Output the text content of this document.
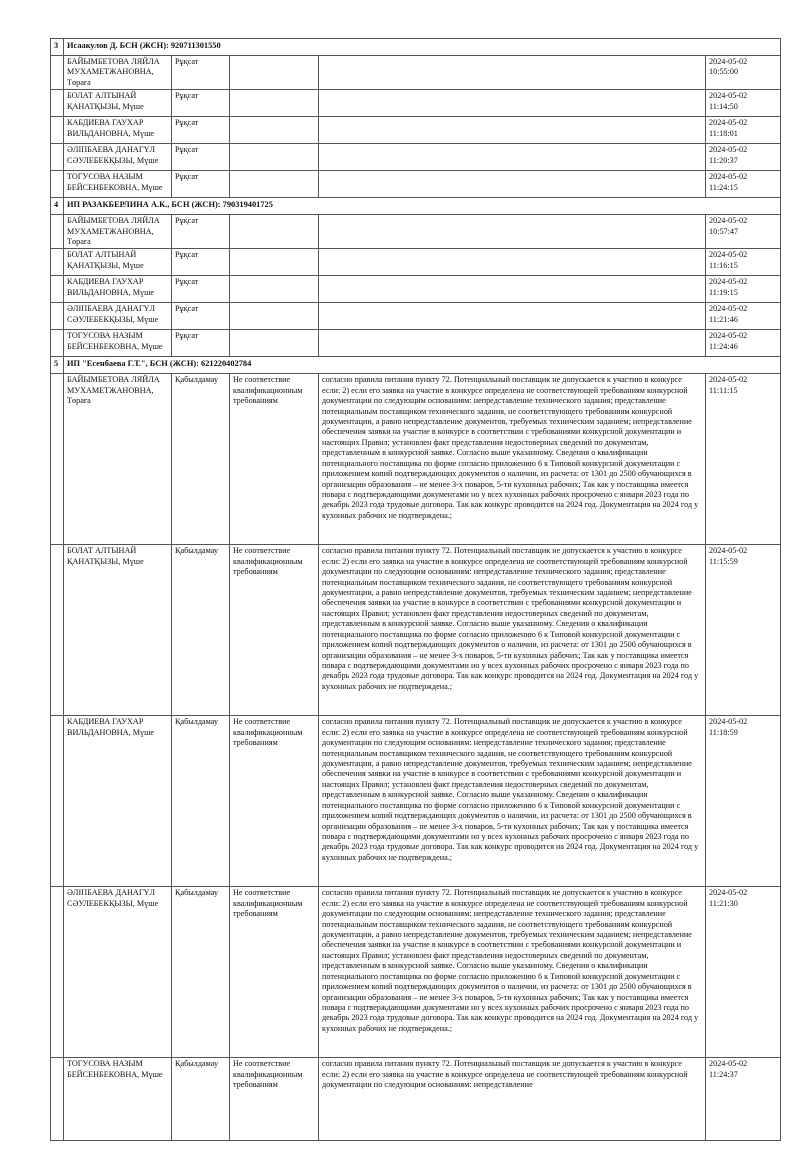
3	Исаакулов Д. БСН (ЖСН): 920711301550				
	БАЙЫМБЕТОВА ЛЯЙЛА МУХАМЕТЖАНОВНА, Төраға	Рұқсат			2024-05-02
10:55:00
	БОЛАТ АЛТЫНАЙ ҚАНАТҚЫЗЫ, Мүше	Рұқсат			2024-05-02
11:14:50
	КАБДИЕВА ГАУХАР ВИЛЬДАНОВНА, Мүше	Рұқсат			2024-05-02
11:18:01
	ӘЛІПБАЕВА ДАНАГҮЛ СӘУЛЕБЕКҚЫЗЫ, Мүше	Рұқсат			2024-05-02
11:20:37
	ТОГУСОВА НАЗЫМ БЕЙСЕНБЕКОВНА, Мүше	Рұқсат			2024-05-02
11:24:15
4	ИП РАЗАКБЕРЛИНА А.К., БСН (ЖСН): 790319401725				
	БАЙЫМБЕТОВА ЛЯЙЛА МУХАМЕТЖАНОВНА, Төраға	Рұқсат			2024-05-02
10:57:47
	БОЛАТ АЛТЫНАЙ ҚАНАТҚЫЗЫ, Мүше	Рұқсат			2024-05-02
11:16:15
	КАБДИЕВА ГАУХАР ВИЛЬДАНОВНА, Мүше	Рұқсат			2024-05-02
11:19:15
	ӘЛІПБАЕВА ДАНАГҮЛ СӘУЛЕБЕКҚЫЗЫ, Мүше	Рұқсат			2024-05-02
11:21:46
	ТОГУСОВА НАЗЫМ БЕЙСЕНБЕКОВНА, Мүше	Рұқсат			2024-05-02
11:24:46
5	ИП "Есенбаева Г.Т.", БСН (ЖСН): 621220402784				
	БАЙЫМБЕТОВА ЛЯЙЛА МУХАМЕТЖАНОВНА, Төраға	Қабылдамау	Не соответствие квалификационным требованиям	согласно правила питания пункту 72. Потенциальный поставщик не допускается к участию в конкурсе если: 2) если его заявка на участие в конкурсе определена не соответствующей требованиям конкурсной документации по следующим основаниям: непредставление технического задания; представление потенциальным поставщиком технического задания, не соответствующего требованиям конкурсной документации, а равно непредставление документов, требуемых техническим заданием; непредставление обеспечения заявки на участие в конкурсе в соответствии с требованиями конкурсной документации и настоящих Правил; установлен факт представления недостоверных сведений по документам, представленным в конкурсной заявке. Согласно выше указанному. Сведения о квалификации потенциального поставщика по форме согласно приложению 6 к Типовой конкурсной документации с приложением копий подтверждающих документов о наличии, из расчета: от 1301 до 2500 обучающихся в организации образования – не менее 3-х поваров, 5-ти кухонных рабочих; Так как у поставщика имеется повара с подтверждающими документами но у всех кухонных рабочих просрочено с января 2023 года по декабрь 2023 года трудовые договора. Так как конкурс проводится на 2024 год. Документация на 2024 год у кухонных рабочих не подтверждена.;	2024-05-02
11:11:15
	БОЛАТ АЛТЫНАЙ ҚАНАТҚЫЗЫ, Мүше	Қабылдамау	Не соответствие квалификационным требованиям	согласно правила питания пункту 72. Потенциальный поставщик не допускается к участию в конкурсе если: 2) если его заявка на участие в конкурсе определена не соответствующей требованиям конкурсной документации по следующим основаниям: непредставление технического задания; представление потенциальным поставщиком технического задания, не соответствующего требованиям конкурсной документации, а равно непредставление документов, требуемых техническим заданием; непредставление обеспечения заявки на участие в конкурсе в соответствии с требованиями конкурсной документации и настоящих Правил; установлен факт представления недостоверных сведений по документам, представленным в конкурсной заявке. Согласно выше указанному. Сведения о квалификации потенциального поставщика по форме согласно приложению 6 к Типовой конкурсной документации с приложением копий подтверждающих документов о наличии, из расчета: от 1301 до 2500 обучающихся в организации образования – не менее 3-х поваров, 5-ти кухонных рабочих; Так как у поставщика имеется повара с подтверждающими документами но у всех кухонных рабочих просрочено с января 2023 года по декабрь 2023 года трудовые договора. Так как конкурс проводится на 2024 год. Документация на 2024 год у кухонных рабочих не подтверждена.;	2024-05-02
11:15:59
	КАБДИЕВА ГАУХАР ВИЛЬДАНОВНА, Мүше	Қабылдамау	Не соответствие квалификационным требованиям	согласно правила питания пункту 72. Потенциальный поставщик не допускается к участию в конкурсе если: 2) если его заявка на участие в конкурсе определена не соответствующей требованиям конкурсной документации по следующим основаниям: непредставление технического задания; представление потенциальным поставщиком технического задания, не соответствующего требованиям конкурсной документации, а равно непредставление документов, требуемых техническим заданием; непредставление обеспечения заявки на участие в конкурсе в соответствии с требованиями конкурсной документации и настоящих Правил; установлен факт представления недостоверных сведений по документам, представленным в конкурсной заявке. Согласно выше указанному. Сведения о квалификации потенциального поставщика по форме согласно приложению 6 к Типовой конкурсной документации с приложением копий подтверждающих документов о наличии, из расчета: от 1301 до 2500 обучающихся в организации образования – не менее 3-х поваров, 5-ти кухонных рабочих; Так как у поставщика имеется повара с подтверждающими документами но у всех кухонных рабочих просрочено с января 2023 года по декабрь 2023 года трудовые договора. Так как конкурс проводится на 2024 год. Документация на 2024 год у кухонных рабочих не подтверждена.;	2024-05-02
11:18:59
	ӘЛІПБАЕВА ДАНАГҮЛ СӘУЛЕБЕКҚЫЗЫ, Мүше	Қабылдамау	Не соответствие квалификационным требованиям	согласно правила питания пункту 72. Потенциальный поставщик не допускается к участию в конкурсе если: 2) если его заявка на участие в конкурсе определена не соответствующей требованиям конкурсной документации по следующим основаниям: непредставление технического задания; представление потенциальным поставщиком технического задания, не соответствующего требованиям конкурсной документации, а равно непредставление документов, требуемых техническим заданием; непредставление обеспечения заявки на участие в конкурсе в соответствии с требованиями конкурсной документации и настоящих Правил; установлен факт представления недостоверных сведений по документам, представленным в конкурсной заявке. Согласно выше указанному. Сведения о квалификации потенциального поставщика по форме согласно приложению 6 к Типовой конкурсной документации с приложением копий подтверждающих документов о наличии, из расчета: от 1301 до 2500 обучающихся в организации образования – не менее 3-х поваров, 5-ти кухонных рабочих; Так как у поставщика имеется повара с подтверждающими документами но у всех кухонных рабочих просрочено с января 2023 года по декабрь 2023 года трудовые договора. Так как конкурс проводится на 2024 год. Документация на 2024 год у кухонных рабочих не подтверждена.;	2024-05-02
11:21:30
	ТОГУСОВА НАЗЫМ БЕЙСЕНБЕКОВНА, Мүше	Қабылдамау	Не соответствие квалификационным требованиям	согласно правила питания пункту 72. Потенциальный поставщик не допускается к участию в конкурсе если: 2) если его заявка на участие в конкурсе определена не соответствующей требованиям конкурсной документации по следующим основаниям: непредставление	2024-05-02
11:24:37
